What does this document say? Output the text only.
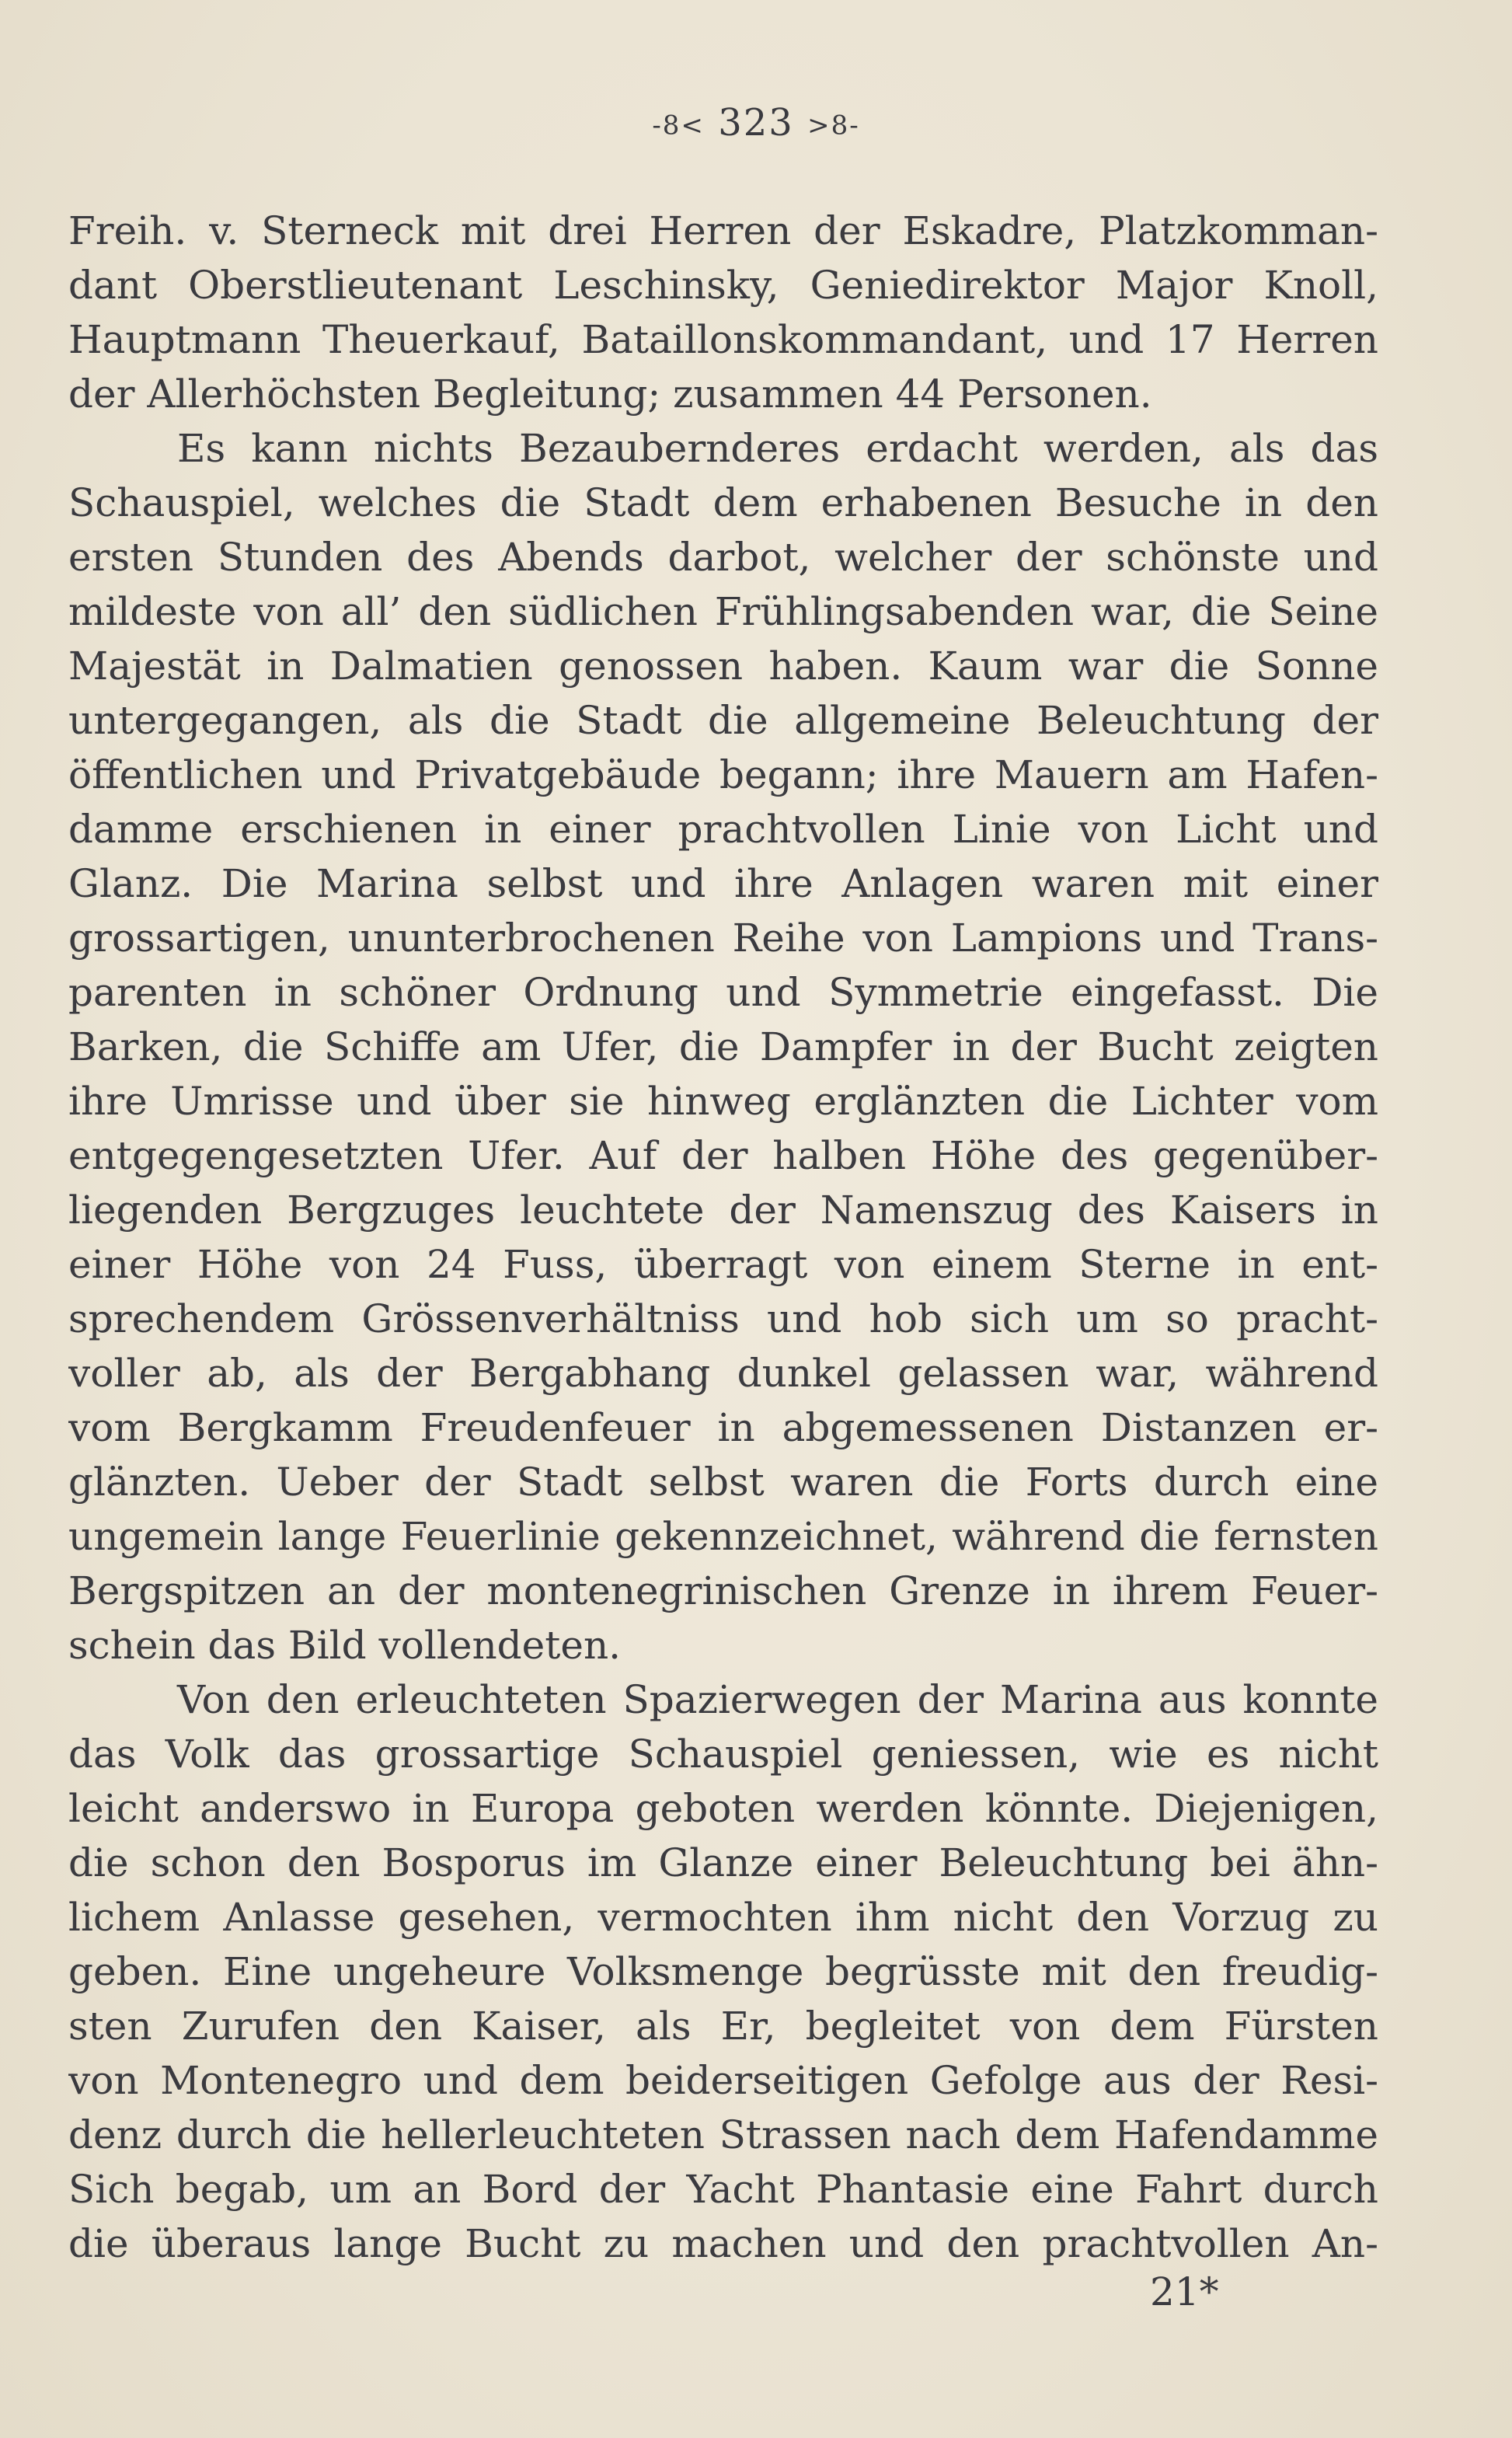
-8< 323 >8-
Freih. v. Sterneck mit drei Herren der Eskadre, Platzkomman-
dant Oberstlieutenant Leschinsky, Geniedirektor Major Knoll,
Hauptmann Theuerkauf, Bataillonskommandant, und 17 Herren
der Allerhöchsten Begleitung; zusammen 44 Personen.
Es kann nichts Bezaubernderes erdacht werden, als das
Schauspiel, welches die Stadt dem erhabenen Besuche in den
ersten Stunden des Abends darbot, welcher der schönste und
mildeste von all’ den südlichen Frühlingsabenden war, die Seine
Majestät in Dalmatien genossen haben. Kaum war die Sonne
untergegangen, als die Stadt die allgemeine Beleuchtung der
öffentlichen und Privatgebäude begann; ihre Mauern am Hafen-
damme erschienen in einer prachtvollen Linie von Licht und
Glanz. Die Marina selbst und ihre Anlagen waren mit einer
grossartigen, ununterbrochenen Reihe von Lampions und Trans-
parenten in schöner Ordnung und Symmetrie eingefasst. Die
Barken, die Schiffe am Ufer, die Dampfer in der Bucht zeigten
ihre Umrisse und über sie hinweg erglänzten die Lichter vom
entgegengesetzten Ufer. Auf der halben Höhe des gegenüber-
liegenden Bergzuges leuchtete der Namenszug des Kaisers in
einer Höhe von 24 Fuss, überragt von einem Sterne in ent-
sprechendem Grössenverhältniss und hob sich um so pracht-
voller ab, als der Bergabhang dunkel gelassen war, während
vom Bergkamm Freudenfeuer in abgemessenen Distanzen er-
glänzten. Ueber der Stadt selbst waren die Forts durch eine
ungemein lange Feuerlinie gekennzeichnet, während die fernsten
Bergspitzen an der montenegrinischen Grenze in ihrem Feuer-
schein das Bild vollendeten.
Von den erleuchteten Spazierwegen der Marina aus konnte
das Volk das grossartige Schauspiel geniessen, wie es nicht
leicht anderswo in Europa geboten werden könnte. Diejenigen,
die schon den Bosporus im Glanze einer Beleuchtung bei ähn-
lichem Anlasse gesehen, vermochten ihm nicht den Vorzug zu
geben. Eine ungeheure Volksmenge begrüsste mit den freudig-
sten Zurufen den Kaiser, als Er, begleitet von dem Fürsten
von Montenegro und dem beiderseitigen Gefolge aus der Resi-
denz durch die hellerleuchteten Strassen nach dem Hafendamme
Sich begab, um an Bord der Yacht Phantasie eine Fahrt durch
die überaus lange Bucht zu machen und den prachtvollen An-
21*
